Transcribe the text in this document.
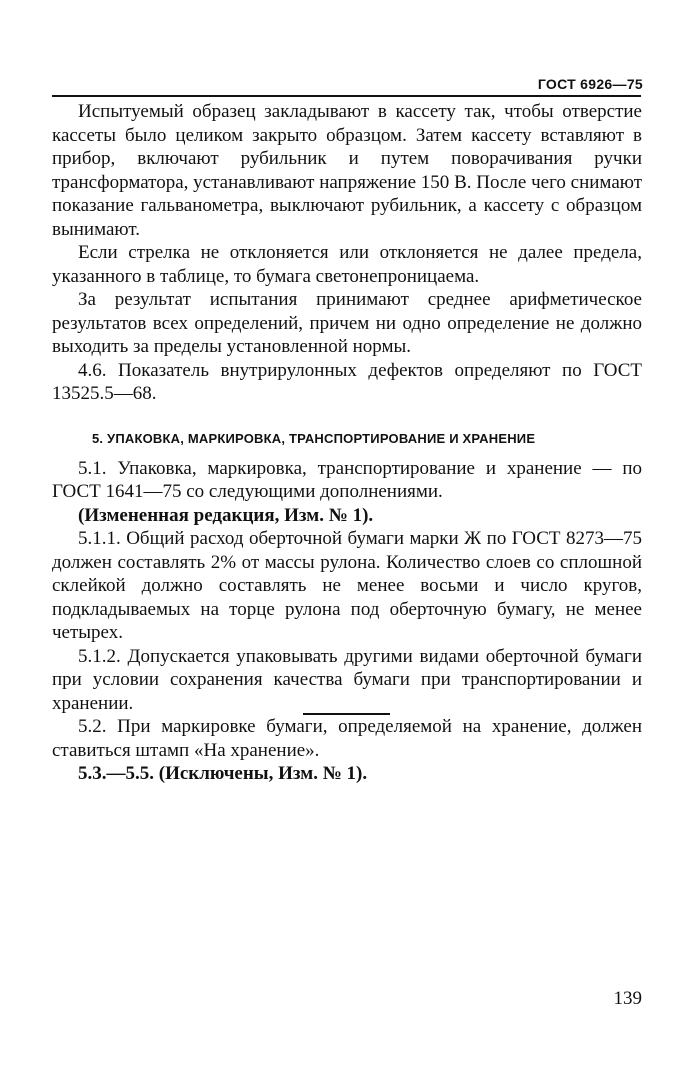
ГОСТ 6926—75

Испытуемый образец закладывают в кассету так, чтобы отверстие кассеты было целиком закрыто образцом. Затем кассету вставляют в прибор, включают рубильник и путем поворачивания ручки трансформатора, устанавливают напряжение 150 В. После чего снимают показание гальванометра, выключают рубильник, а кассету с образцом вынимают.

Если стрелка не отклоняется или отклоняется не далее предела, указанного в таблице, то бумага светонепроницаема.

За результат испытания принимают среднее арифметическое результатов всех определений, причем ни одно определение не должно выходить за пределы установленной нормы.

4.6. Показатель внутрирулонных дефектов определяют по ГОСТ 13525.5—68.

5. УПАКОВКА, МАРКИРОВКА, ТРАНСПОРТИРОВАНИЕ И ХРАНЕНИЕ

5.1. Упаковка, маркировка, транспортирование и хранение — по ГОСТ 1641—75 со следующими дополнениями.

(Измененная редакция, Изм. № 1).

5.1.1. Общий расход оберточной бумаги марки Ж по ГОСТ 8273—75 должен составлять 2% от массы рулона. Количество слоев со сплошной склейкой должно составлять не менее восьми и число кругов, подкладываемых на торце рулона под оберточную бумагу, не менее четырех.

5.1.2. Допускается упаковывать другими видами оберточной бумаги при условии сохранения качества бумаги при транспортировании и хранении.

5.2. При маркировке бумаги, определяемой на хранение, должен ставиться штамп «На хранение».

5.3.—5.5. (Исключены, Изм. № 1).

139
